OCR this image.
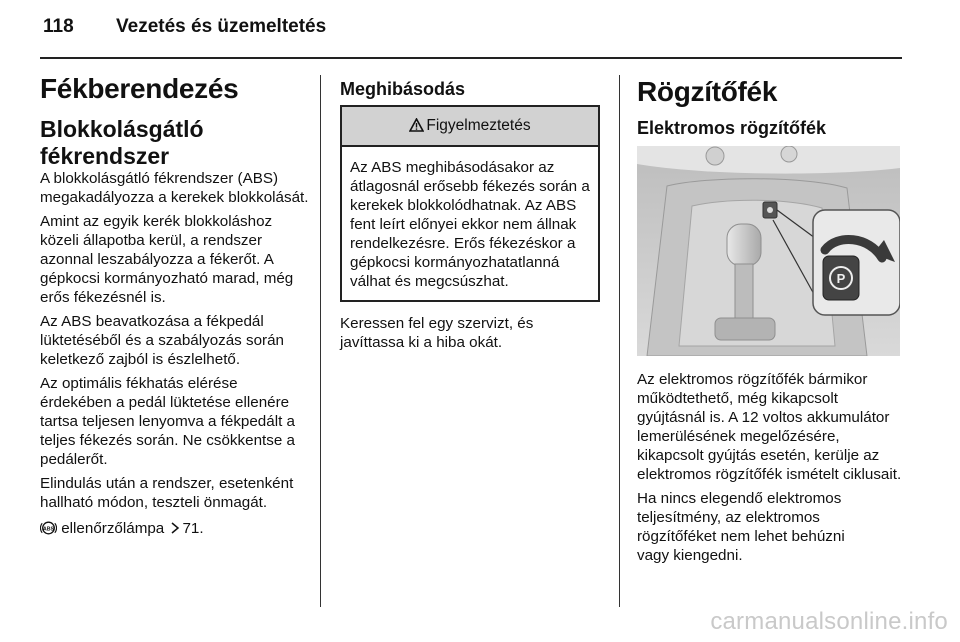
118 Vezetés és üzemeltetés
Fékberendezés
Blokkolásgátló fékrendszer

A blokkolásgátló fékrendszer (ABS) megakadályozza a kerekek blokkolását.

Amint az egyik kerék blokkoláshoz közeli állapotba kerül, a rendszer azonnal leszabályozza a fékerőt. A gépkocsi kormányozható marad, még erős fékezésnél is.

Az ABS beavatkozása a fékpedál lüktetéséből és a szabályozás során keletkező zajból is észlelhető.

Az optimális fékhatás elérése érdekében a pedál lüktetése ellenére tartsa teljesen lenyomva a fékpedált a teljes fékezés során. Ne csökkentse a pedálerőt.

Elindulás után a rendszer, esetenként hallható módon, teszteli önmagát.

ABS ellenőrzőlámpa 71.

Meghibásodás
Figyelmeztetés
Az ABS meghibásodásakor az átlagosnál erősebb fékezés során a kerekek blokkolódhatnak. Az ABS fent leírt előnyei ekkor nem állnak rendelkezésre. Erős fékezéskor a gépkocsi kormányozhatatlanná válhat és megcsúszhat.

Keressen fel egy szervizt, és javíttassa ki a hiba okát.

Rögzítőfék
Elektromos rögzítőfék
P

Az elektromos rögzítőfék bármikor működtethető, még kikapcsolt gyújtásnál is. A 12 voltos akkumulátor lemerülésének megelőzésére, kikapcsolt gyújtás esetén, kerülje az elektromos rögzítőfék ismételt ciklusait.

Ha nincs elegendő elektromos teljesítmény, az elektromos rögzítőféket nem lehet behúzni vagy kiengedni.

carmanualsonline.info
